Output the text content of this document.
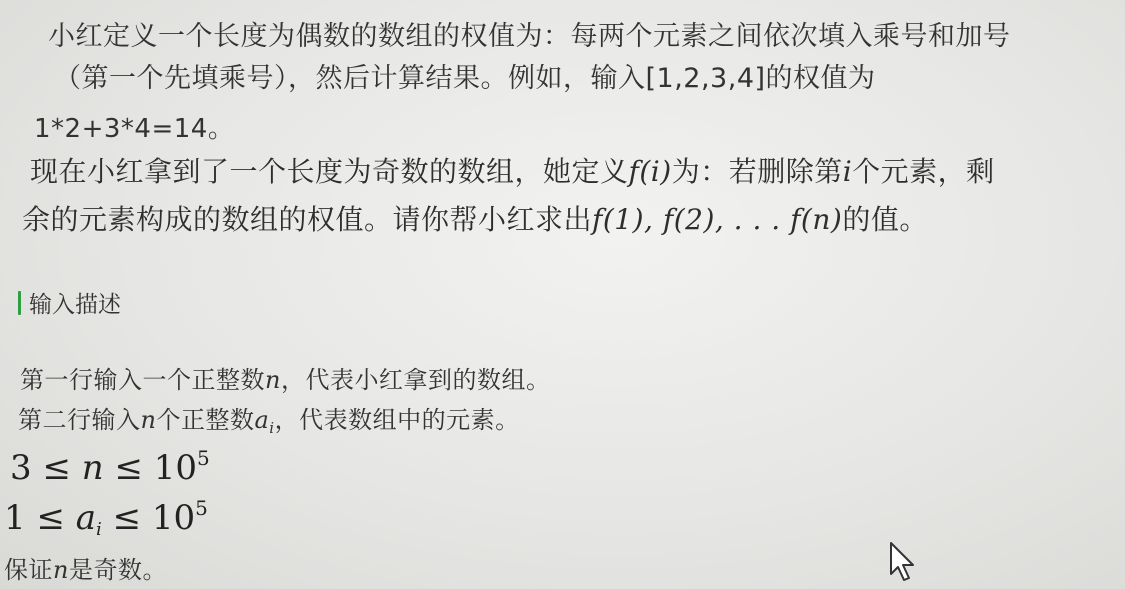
小红定义一个长度为偶数的数组的权值为：每两个元素之间依次填入乘号和加号
（第一个先填乘号），然后计算结果。例如，输入[1,2,3,4]的权值为
1*2+3*4=14。
现在小红拿到了一个长度为奇数的数组，她定义f(i)为：若删除第i个元素，剩
余的元素构成的数组的权值。请你帮小红求出f(1), f(2), . . . f(n)的值。
输入描述
第一行输入一个正整数n，代表小红拿到的数组。
第二行输入n个正整数$a_i$，代表数组中的元素。
$3 \le n \le 10^5$
$1 \le a_i \le 10^5$
保证n是奇数。
